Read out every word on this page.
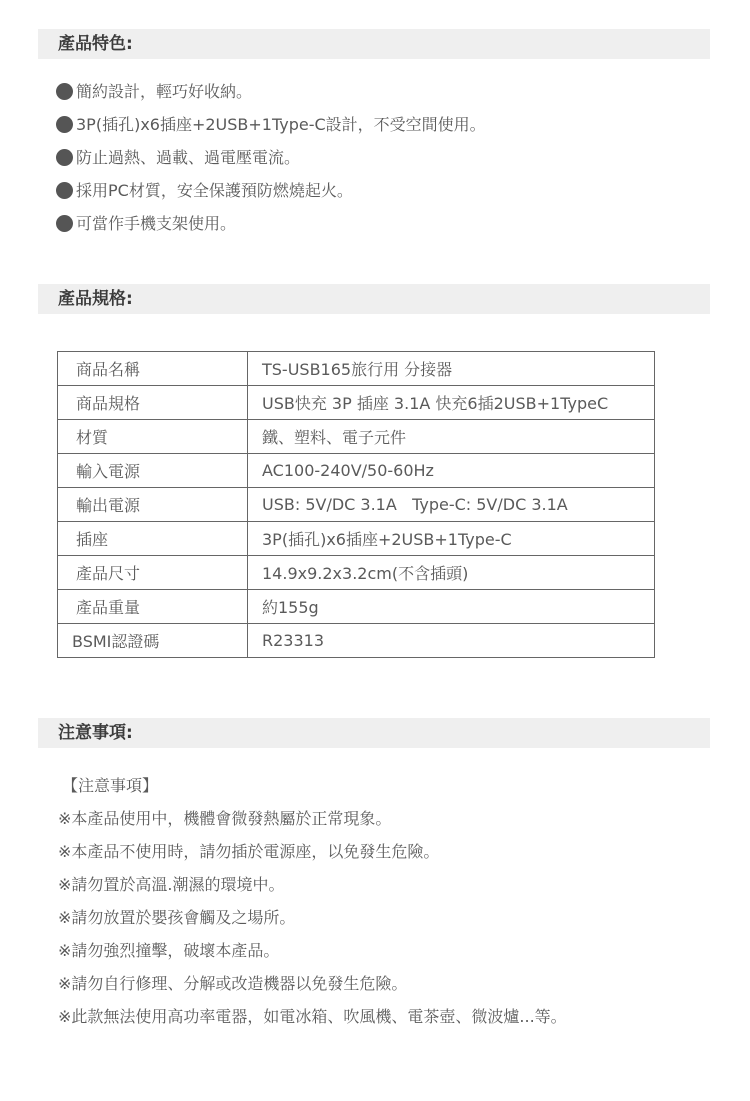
產品特色:
簡約設計，輕巧好收納。
3P(插孔)x6插座+2USB+1Type-C設計，不受空間使用。
防止過熱、過載、過電壓電流。
採用PC材質，安全保護預防燃燒起火。
可當作手機支架使用。
產品規格:
商品名稱	TS-USB165旅行用 分接器
商品規格	USB快充 3P 插座 3.1A 快充6插2USB+1TypeC
材質	鐵、塑料、電子元件
輸入電源	AC100-240V/50-60Hz
輸出電源	USB: 5V/DC 3.1A   Type-C: 5V/DC 3.1A
插座	3P(插孔)x6插座+2USB+1Type-C
產品尺寸	14.9x9.2x3.2cm(不含插頭)
產品重量	約155g
BSMI認證碼	R23313
注意事項:
【注意事項】
※本產品使用中，機體會微發熱屬於正常現象。
※本產品不使用時，請勿插於電源座，以免發生危險。
※請勿置於高溫.潮濕的環境中。
※請勿放置於嬰孩會觸及之場所。
※請勿強烈撞擊，破壞本產品。
※請勿自行修理、分解或改造機器以免發生危險。
※此款無法使用高功率電器，如電冰箱、吹風機、電茶壺、微波爐...等。
